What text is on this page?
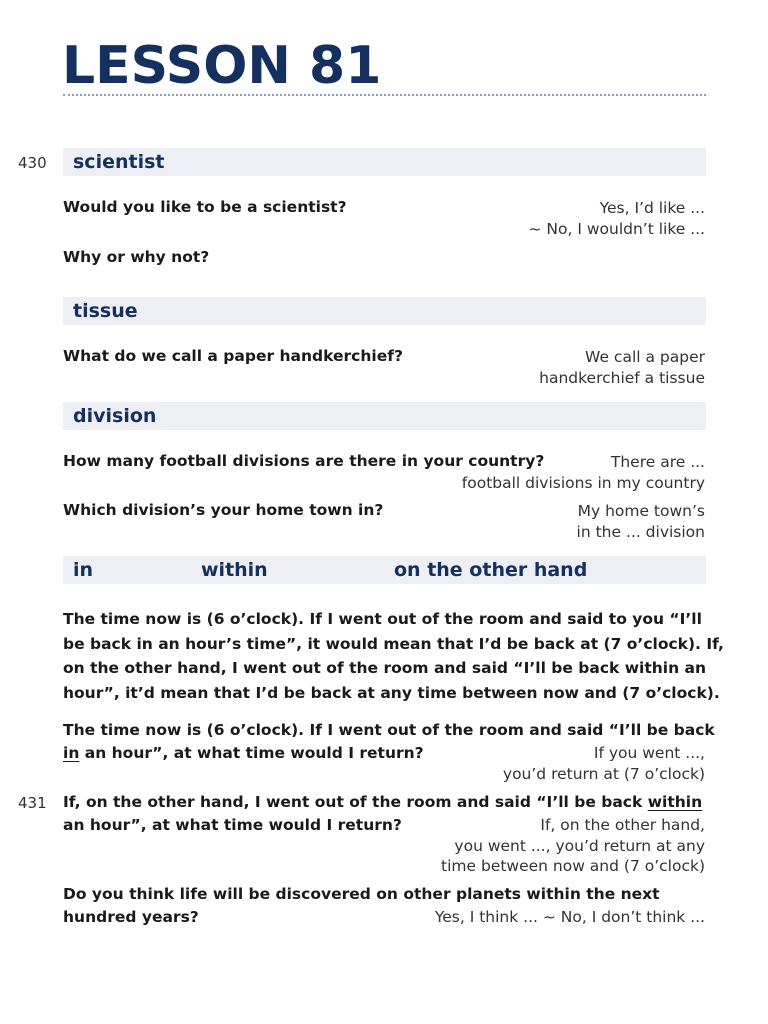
LESSON 81
430
431
scientist
Would you like to be a scientist?	Yes, I’d like ...
~ No, I wouldn’t like ...
Why or why not?
tissue
What do we call a paper handkerchief?	We call a paper
handkerchief a tissue
division
How many football divisions are there in your country?	There are ...
football divisions in my country
Which division’s your home town in?	My home town’s
in the ... division
in	within	on the other hand
The time now is (6 o’clock). If I went out of the room and said to you “I’ll
be back in an hour’s time”, it would mean that I’d be back at (7 o’clock). If,
on the other hand, I went out of the room and said “I’ll be back within an
hour”, it’d mean that I’d be back at any time between now and (7 o’clock).
The time now is (6 o’clock). If I went out of the room and said “I’ll be back
in an hour”, at what time would I return?	If you went ...,
you’d return at (7 o’clock)
If, on the other hand, I went out of the room and said “I’ll be back within
an hour”, at what time would I return?	If, on the other hand,
you went ..., you’d return at any
time between now and (7 o’clock)
Do you think life will be discovered on other planets within the next
hundred years?	Yes, I think ... ~ No, I don’t think ...
